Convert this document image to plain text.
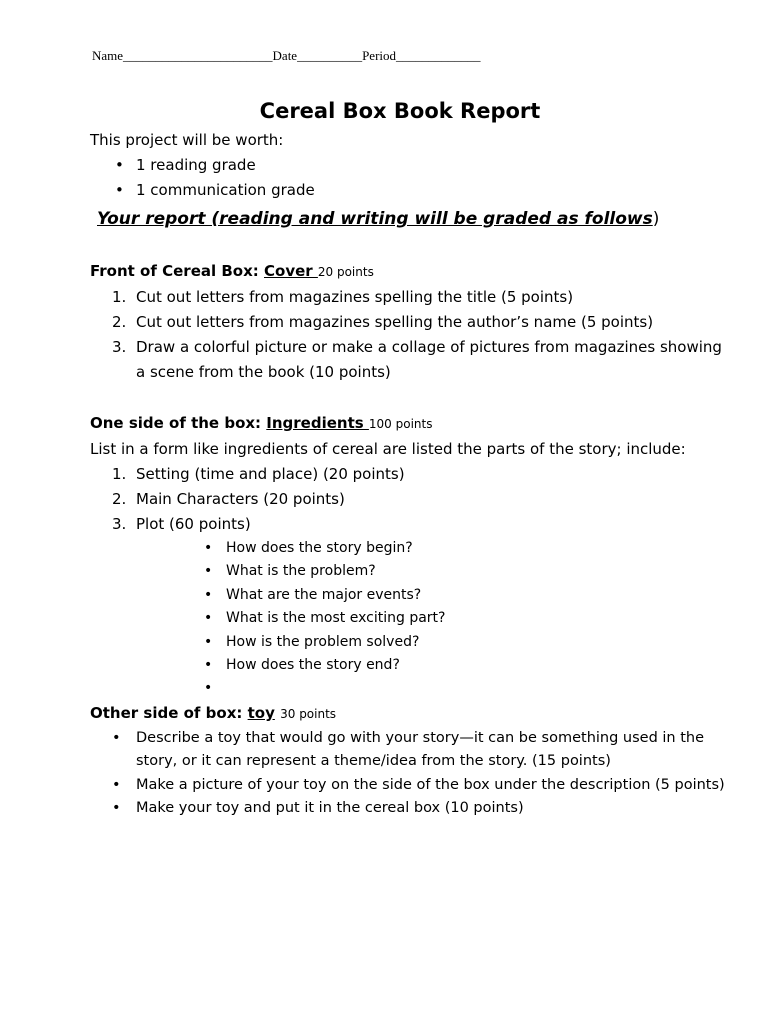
Name_______________________Date__________Period_____________
Cereal Box Book Report
This project will be worth:
• 1 reading grade
• 1 communication grade
Your report (reading and writing will be graded as follows)
Front of Cereal Box: Cover 20 points
1. Cut out letters from magazines spelling the title (5 points)
2. Cut out letters from magazines spelling the author’s name (5 points)
3. Draw a colorful picture or make a collage of pictures from magazines showing a scene from the book (10 points)
One side of the box: Ingredients 100 points
List in a form like ingredients of cereal are listed the parts of the story; include:
1. Setting (time and place) (20 points)
2. Main Characters (20 points)
3. Plot (60 points)
• How does the story begin?
• What is the problem?
• What are the major events?
• What is the most exciting part?
• How is the problem solved?
• How does the story end?
•
Other side of box: toy 30 points
• Describe a toy that would go with your story—it can be something used in the story, or it can represent a theme/idea from the story. (15 points)
• Make a picture of your toy on the side of the box under the description (5 points)
• Make your toy and put it in the cereal box (10 points)
